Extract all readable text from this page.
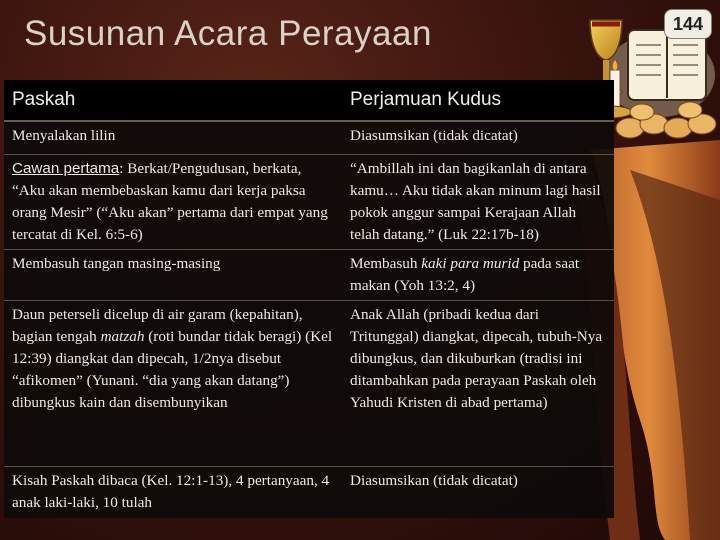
Susunan Acara Perayaan	144
Paskah	Perjamuan Kudus
Menyalakan lilin	Diasumsikan (tidak dicatat)
Cawan pertama: Berkat/Pengudusan, berkata, “Aku akan membebaskan kamu dari kerja paksa orang Mesir” (“Aku akan” pertama dari empat yang tercatat di Kel. 6:5-6)	“Ambillah ini dan bagikanlah di antara kamu… Aku tidak akan minum lagi hasil pokok anggur sampai Kerajaan Allah telah datang.” (Luk 22:17b-18)
Membasuh tangan masing-masing	Membasuh kaki para murid pada saat makan (Yoh 13:2, 4)
Daun peterseli dicelup di air garam (kepahitan), bagian tengah matzah (roti bundar tidak beragi) (Kel 12:39) diangkat dan dipecah, 1/2nya disebut “afikomen” (Yunani. “dia yang akan datang”) dibungkus kain dan disembunyikan	Anak Allah (pribadi kedua dari Tritunggal) diangkat, dipecah, tubuh-Nya dibungkus, dan dikuburkan (tradisi ini ditambahkan pada perayaan Paskah oleh Yahudi Kristen di abad pertama)
Kisah Paskah dibaca (Kel. 12:1-13), 4 pertanyaan, 4 anak laki-laki, 10 tulah	Diasumsikan (tidak dicatat)
